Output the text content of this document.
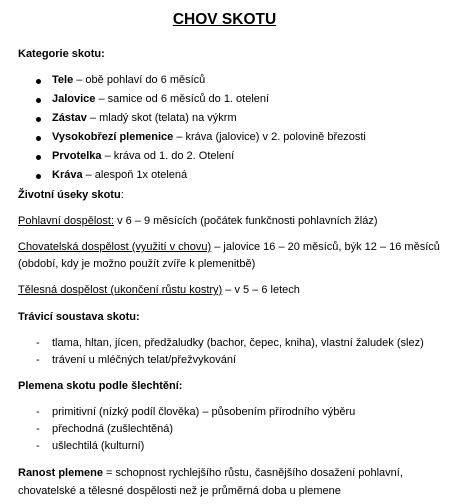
CHOV SKOTU
Kategorie skotu:
Tele – obě pohlaví do 6 měsíců
Jalovice – samice od 6 měsíců do 1. otelení
Zástav – mladý skot (telata) na výkrm
Vysokobřezí plemenice – kráva (jalovice) v 2. polovině březosti
Prvotelka – kráva od 1. do 2. Otelení
Kráva – alespoň 1x otelená
Životní úseky skotu:
Pohlavní dospělost: v 6 – 9 měsících (počátek funkčnosti pohlavních žláz)
Chovatelská dospělost (využití v chovu) – jalovice 16 – 20 měsíců, býk 12 – 16 měsíců
(období, kdy je možno použít zvíře k plemenitbě)
Tělesná dospělost (ukončení růstu kostry) – v 5 – 6 letech
Trávicí soustava skotu:
- tlama, hltan, jícen, předžaludky (bachor, čepec, kniha), vlastní žaludek (slez)
- trávení u mléčných telat/přežvykování
Plemena skotu podle šlechtění:
- primitivní (nízký podíl člověka) – působením přírodního výběru
- přechodná (zušlechtěná)
- ušlechtilá (kulturní)
Ranost plemene = schopnost rychlejšího růstu, časnějšího dosažení pohlavní,
chovatelské a tělesné dospělosti než je průměrná doba u plemene
